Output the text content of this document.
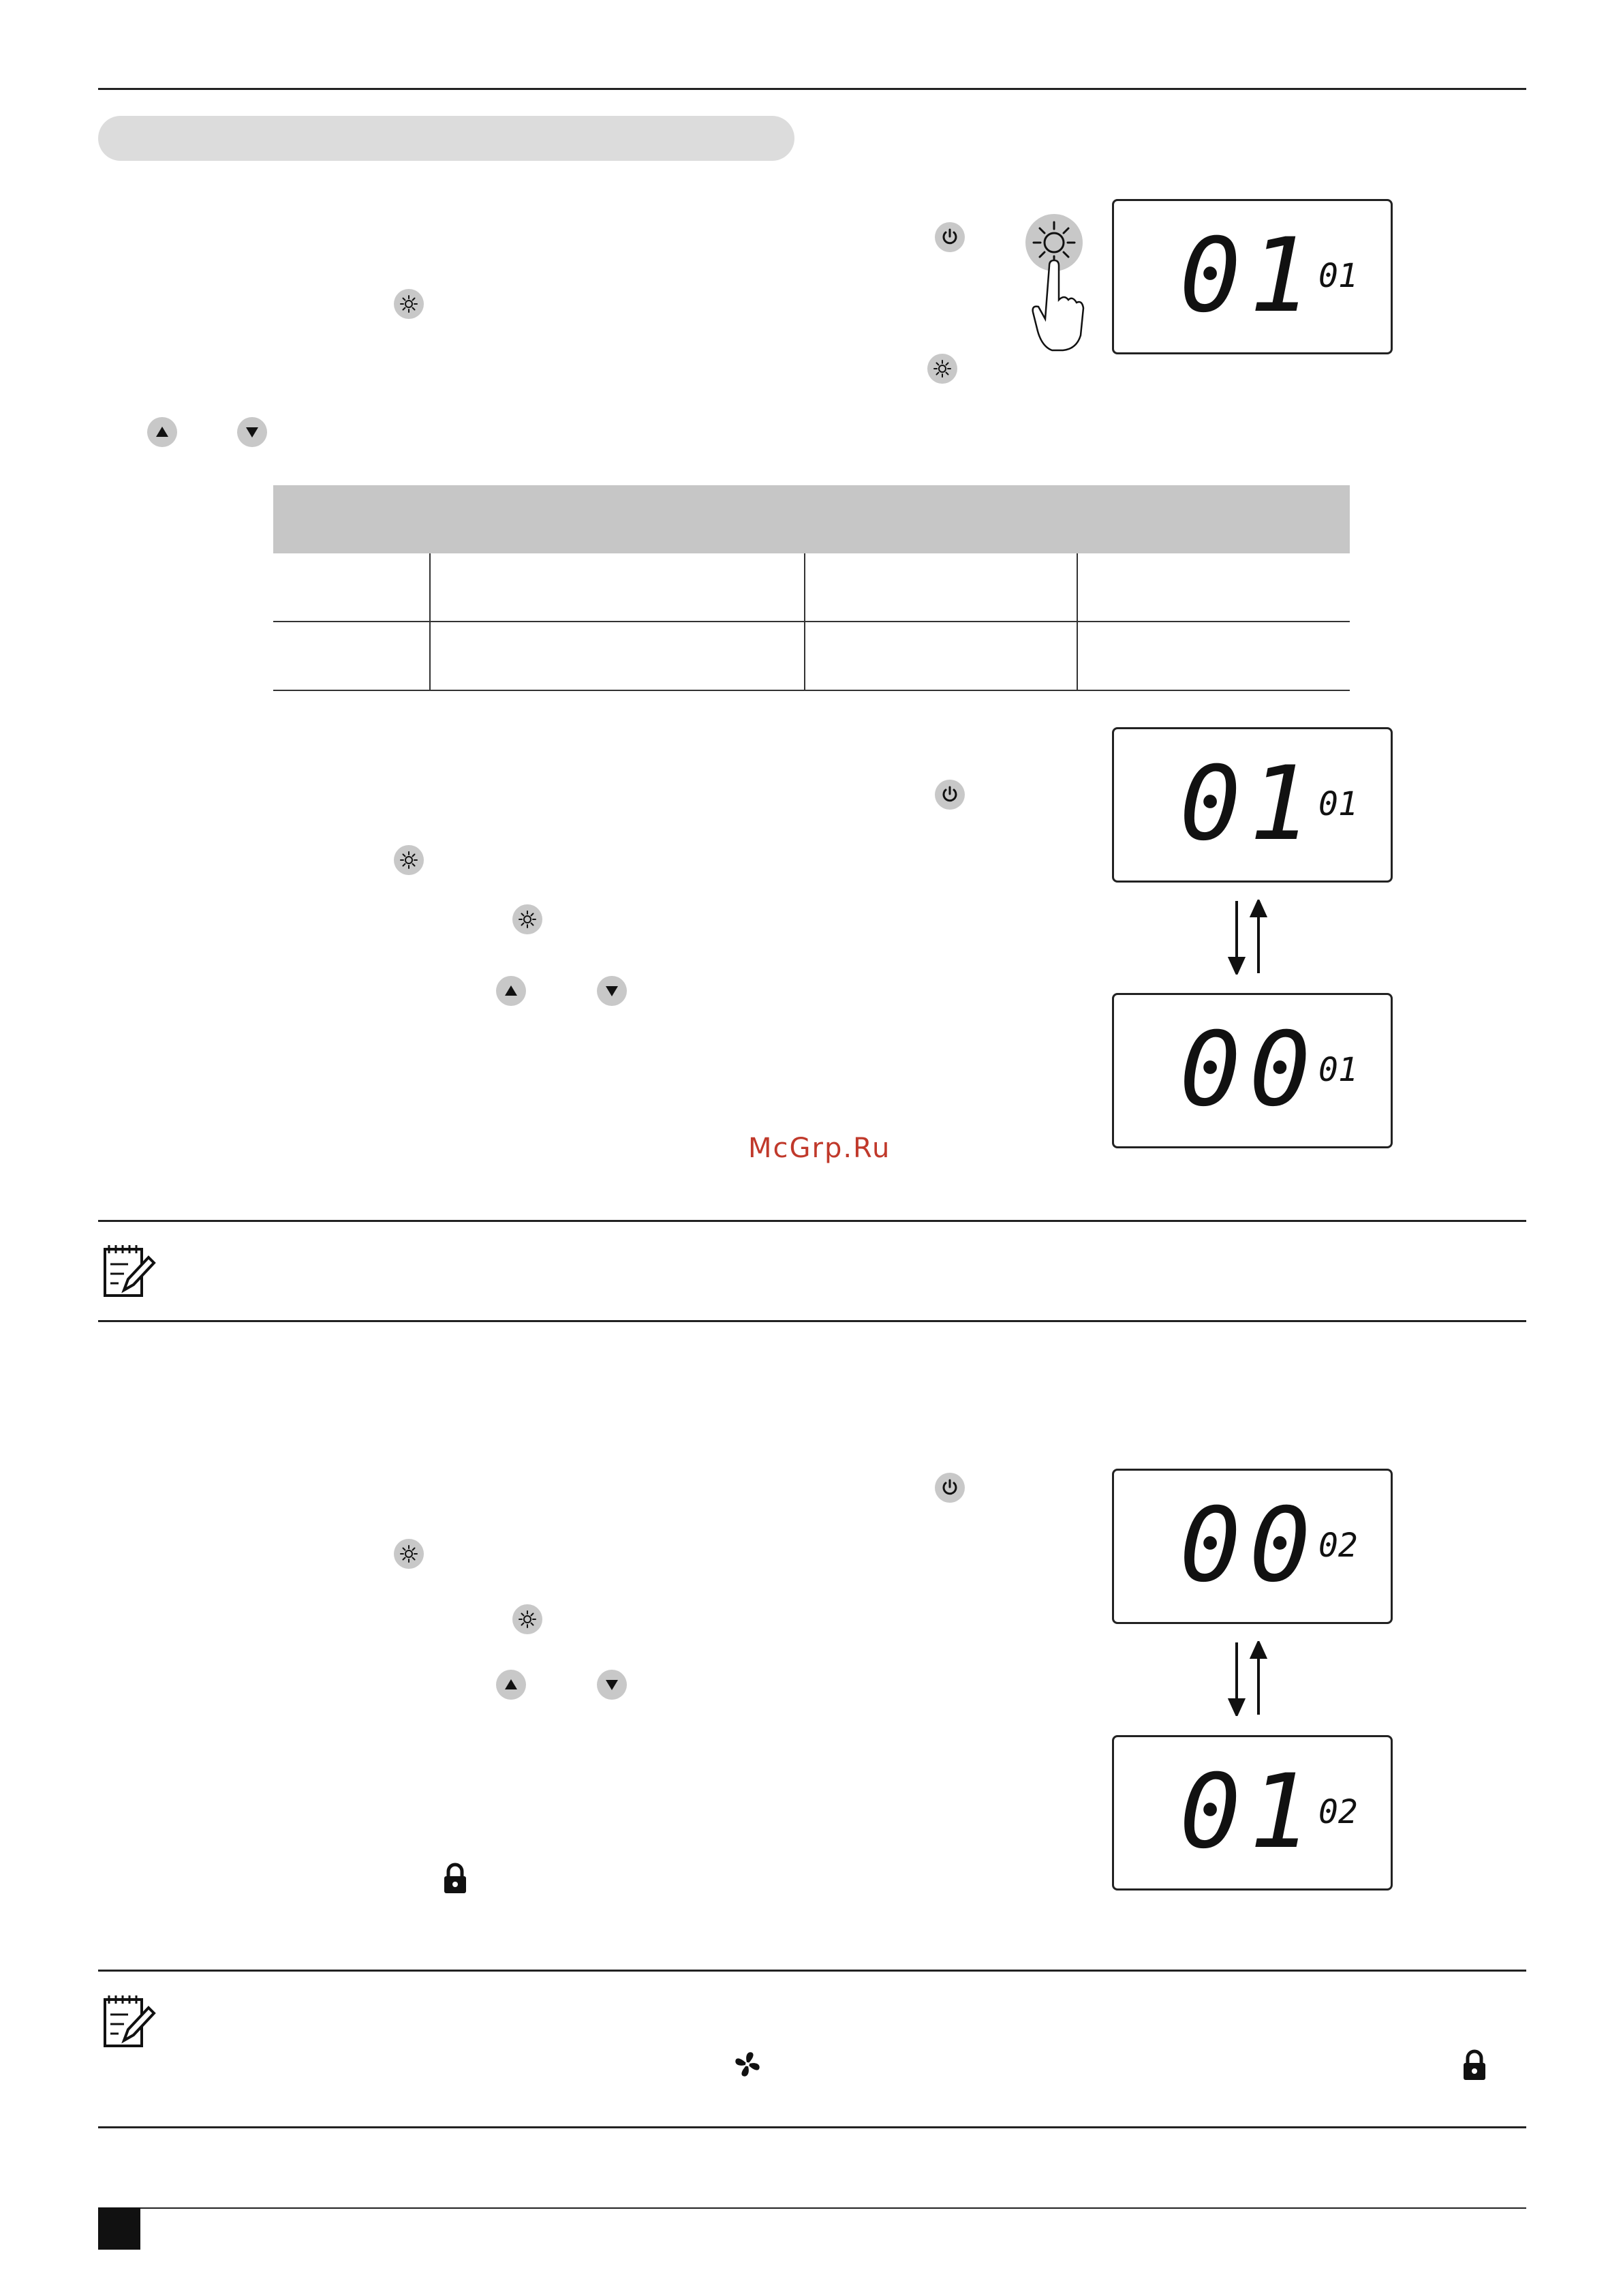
01 01
01 01
00 01
McGrp.Ru
00 02
01 02
